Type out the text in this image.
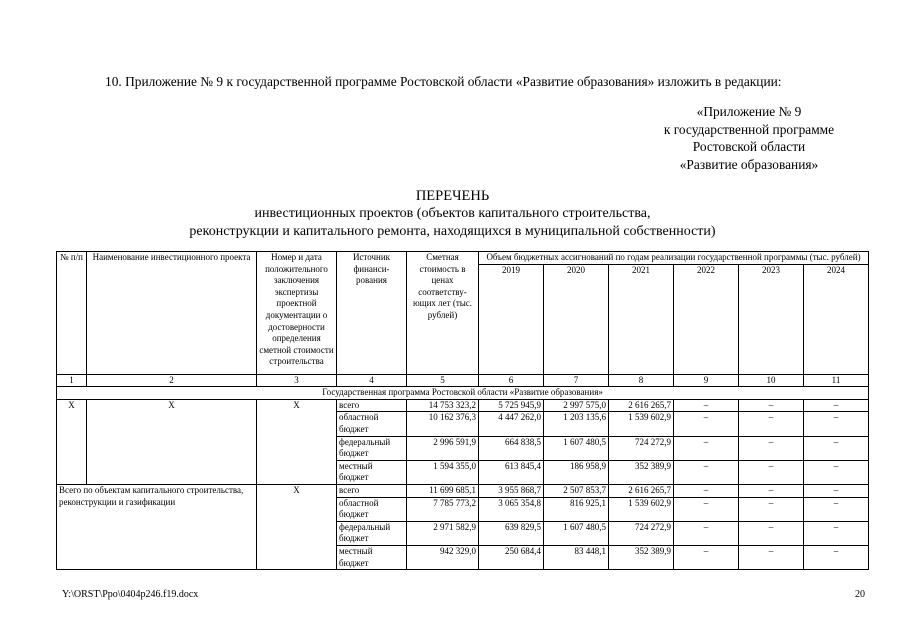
10. Приложение № 9 к государственной программе Ростовской области «Развитие образования» изложить в редакции:
«Приложение № 9
к государственной программе
Ростовской области
«Развитие образования»
ПЕРЕЧЕНЬ
инвестиционных проектов (объектов капитального строительства,
реконструкции и капитального ремонта, находящихся в муниципальной собственности)
№ п/п	Наименование инвестиционного проекта	Номер и дата положительного заключения экспертизы проектной документации о достоверности определения сметной стоимости строительства	Источник финанси-рования	Сметная стоимость в ценах соответству-ющих лет (тыс. рублей)	Объем бюджетных ассигнований по годам реализации государственной программы (тыс. рублей)					
					2019	2020	2021	2022	2023	2024
1	2	3	4	5	6	7	8	9	10	11
Государственная программа Ростовской области «Развитие образования»										
X	X	X	всего	14 753 323,2	5 725 945,9	2 997 575,0	2 616 265,7	–	–	–
			областной бюджет	10 162 376,3	4 447 262,0	1 203 135,6	1 539 602,9	–	–	–
			федеральный бюджет	2 996 591,9	664 838,5	1 607 480,5	724 272,9	–	–	–
			местный бюджет	1 594 355,0	613 845,4	186 958,9	352 389,9	–	–	–
Всего по объектам капитального строительства, реконструкции и газификации		X	всего	11 699 685,1	3 955 868,7	2 507 853,7	2 616 265,7	–	–	–
			областной бюджет	7 785 773,2	3 065 354,8	816 925,1	1 539 602,9	–	–	–
			федеральный бюджет	2 971 582,9	639 829,5	1 607 480,5	724 272,9	–	–	–
			местный бюджет	942 329,0	250 684,4	83 448,1	352 389,9	–	–	–
Y:\ORST\Ppo\0404p246.f19.docx	20
